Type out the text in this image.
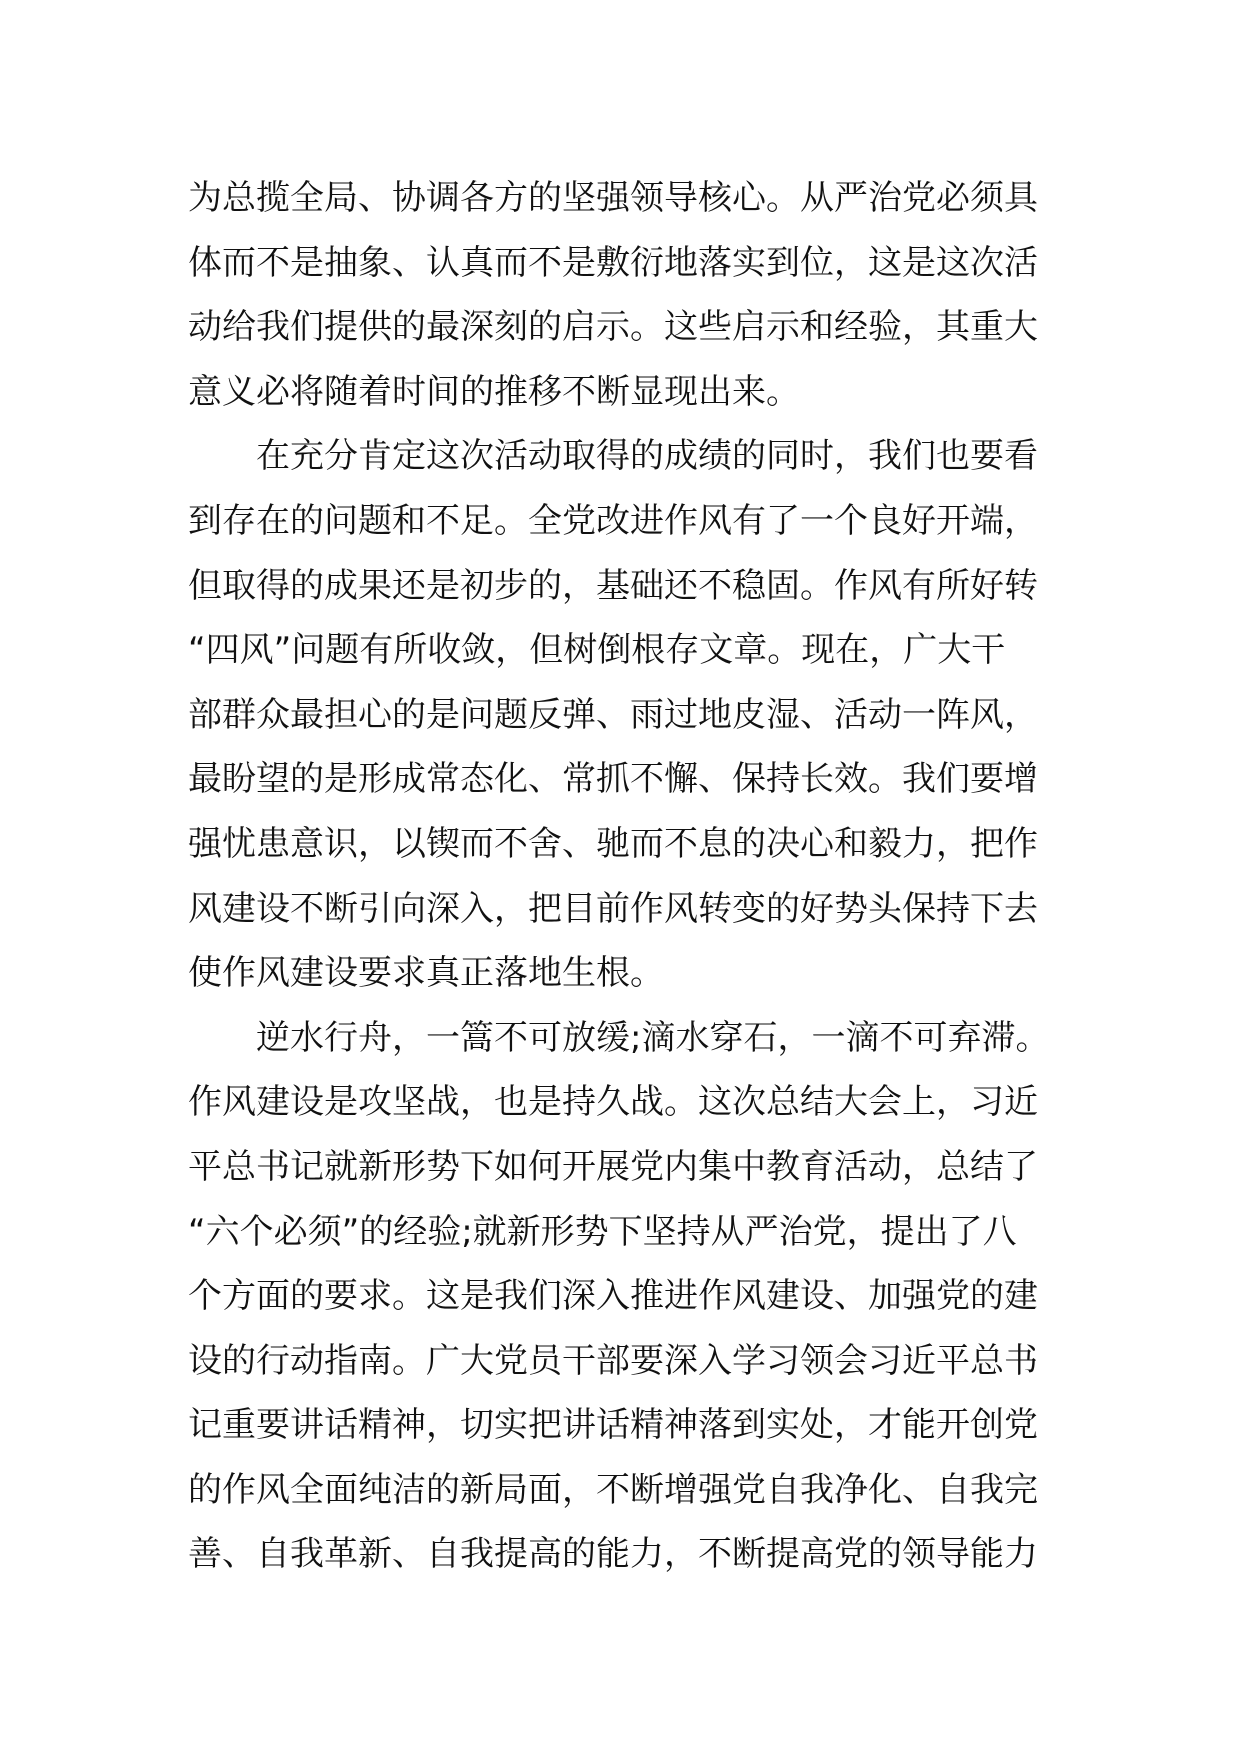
为总揽全局、协调各方的坚强领导核心。从严治党必须具
体而不是抽象、认真而不是敷衍地落实到位，这是这次活
动给我们提供的最深刻的启示。这些启示和经验，其重大
意义必将随着时间的推移不断显现出来。
在充分肯定这次活动取得的成绩的同时，我们也要看
到存在的问题和不足。全党改进作风有了一个良好开端，
但取得的成果还是初步的，基础还不稳固。作风有所好转
“四风”问题有所收敛，但树倒根存文章。现在，广大干
部群众最担心的是问题反弹、雨过地皮湿、活动一阵风，
最盼望的是形成常态化、常抓不懈、保持长效。我们要增
强忧患意识，以锲而不舍、驰而不息的决心和毅力，把作
风建设不断引向深入，把目前作风转变的好势头保持下去
使作风建设要求真正落地生根。
逆水行舟，一篙不可放缓;滴水穿石，一滴不可弃滞。
作风建设是攻坚战，也是持久战。这次总结大会上，习近
平总书记就新形势下如何开展党内集中教育活动，总结了
“六个必须”的经验;就新形势下坚持从严治党，提出了八
个方面的要求。这是我们深入推进作风建设、加强党的建
设的行动指南。广大党员干部要深入学习领会习近平总书
记重要讲话精神，切实把讲话精神落到实处，才能开创党
的作风全面纯洁的新局面，不断增强党自我净化、自我完
善、自我革新、自我提高的能力，不断提高党的领导能力
